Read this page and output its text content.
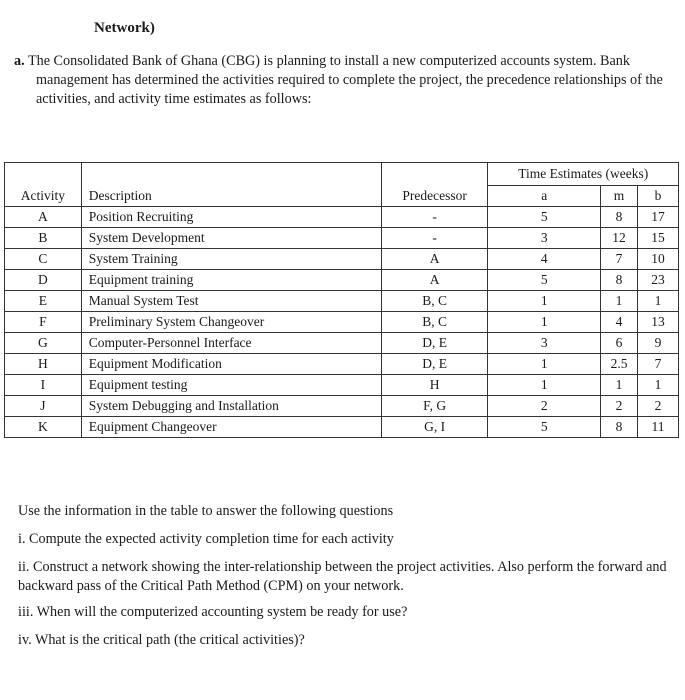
Network)

a. The Consolidated Bank of Ghana (CBG) is planning to install a new computerized accounts system. Bank management has determined the activities required to complete the project, the precedence relationships of the activities, and activity time estimates as follows:

			Time Estimates (weeks)		
Activity	Description	Predecessor	a	m	b
A	Position Recruiting	-	5	8	17
B	System Development	-	3	12	15
C	System Training	A	4	7	10
D	Equipment training	A	5	8	23
E	Manual System Test	B, C	1	1	1
F	Preliminary System Changeover	B, C	1	4	13
G	Computer-Personnel Interface	D, E	3	6	9
H	Equipment Modification	D, E	1	2.5	7
I	Equipment testing	H	1	1	1
J	System Debugging and Installation	F, G	2	2	2
K	Equipment Changeover	G, I	5	8	11

Use the information in the table to answer the following questions

i. Compute the expected activity completion time for each activity

ii. Construct a network showing the inter-relationship between the project activities. Also perform the forward and backward pass of the Critical Path Method (CPM) on your network.

iii. When will the computerized accounting system be ready for use?

iv. What is the critical path (the critical activities)?
